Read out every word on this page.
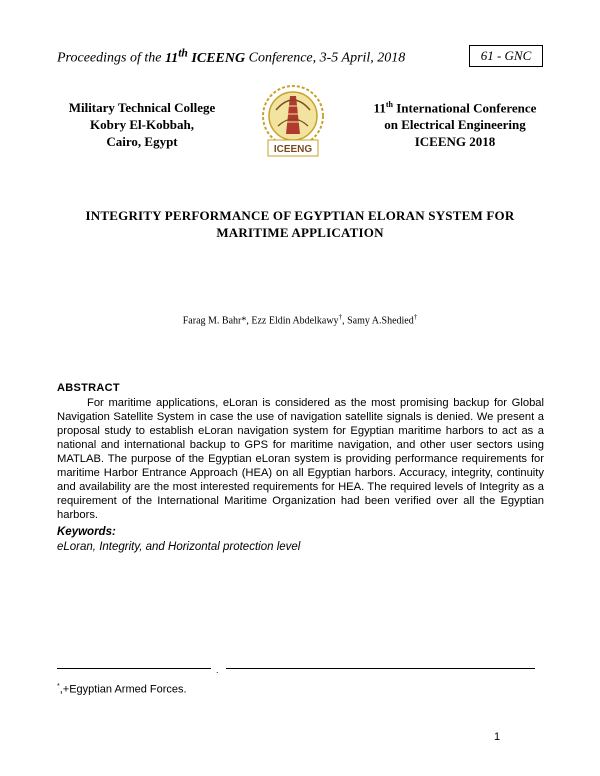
Proceedings of the 11th ICEENG Conference, 3-5 April, 2018	61 - GNC
Military Technical College
Kobry El-Kobbah,
Cairo, Egypt
ICEENG
11th International Conference
on Electrical Engineering
ICEENG 2018
INTEGRITY PERFORMANCE OF EGYPTIAN ELORAN SYSTEM FOR
MARITIME APPLICATION
Farag M. Bahr*, Ezz Eldin Abdelkawy†, Samy A.Shedied†
ABSTRACT

For maritime applications, eLoran is considered as the most promising backup for Global Navigation Satellite System in case the use of navigation satellite signals is denied. We present a proposal study to establish eLoran navigation system for Egyptian maritime harbors to act as a national and international backup to GPS for maritime navigation, and other user sectors using MATLAB. The purpose of the Egyptian eLoran system is providing performance requirements for maritime Harbor Entrance Approach (HEA) on all Egyptian harbors. Accuracy, integrity, continuity and availability are the most interested requirements for HEA. The required levels of Integrity as a requirement of the International Maritime Organization had been verified over all the Egyptian harbors.

Keywords:
eLoran, Integrity, and Horizontal protection level
.
*,+Egyptian Armed Forces.
1
